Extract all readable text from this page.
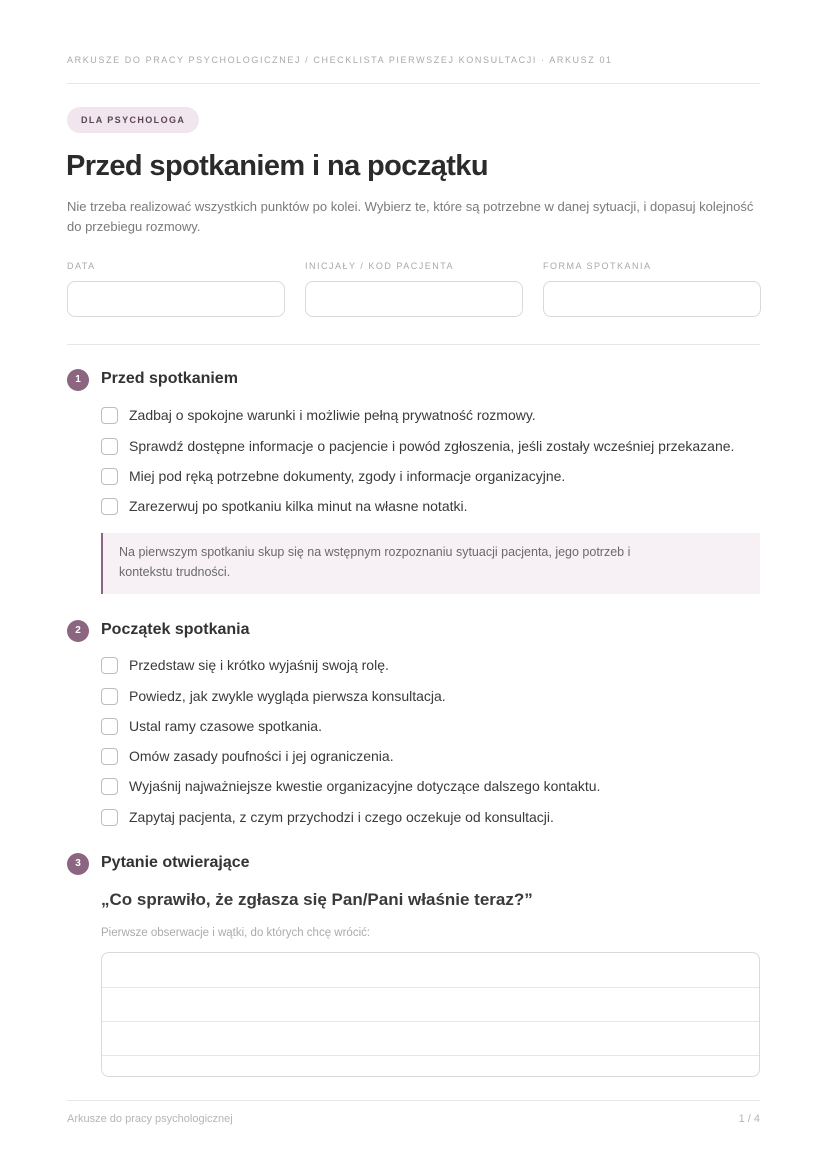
ARKUSZE DO PRACY PSYCHOLOGICZNEJ / CHECKLISTA PIERWSZEJ KONSULTACJI · ARKUSZ 01
DLA PSYCHOLOGA
Przed spotkaniem i na początku

Nie trzeba realizować wszystkich punktów po kolei. Wybierz te, które są potrzebne w danej sytuacji, i dopasuj kolejność do przebiegu rozmowy.

DATA	INICJAŁY / KOD PACJENTA	FORMA SPOTKANIA
1	Przed spotkaniem
Zadbaj o spokojne warunki i możliwie pełną prywatność rozmowy.
Sprawdź dostępne informacje o pacjencie i powód zgłoszenia, jeśli zostały wcześniej przekazane.
Miej pod ręką potrzebne dokumenty, zgody i informacje organizacyjne.
Zarezerwuj po spotkaniu kilka minut na własne notatki.
Na pierwszym spotkaniu skup się na wstępnym rozpoznaniu sytuacji pacjenta, jego potrzeb i
kontekstu trudności.
2	Początek spotkania
Przedstaw się i krótko wyjaśnij swoją rolę.
Powiedz, jak zwykle wygląda pierwsza konsultacja.
Ustal ramy czasowe spotkania.
Omów zasady poufności i jej ograniczenia.
Wyjaśnij najważniejsze kwestie organizacyjne dotyczące dalszego kontaktu.
Zapytaj pacjenta, z czym przychodzi i czego oczekuje od konsultacji.
3	Pytanie otwierające
„Co sprawiło, że zgłasza się Pan/Pani właśnie teraz?”
Pierwsze obserwacje i wątki, do których chcę wrócić:
Arkusze do pracy psychologicznej	1 / 4
